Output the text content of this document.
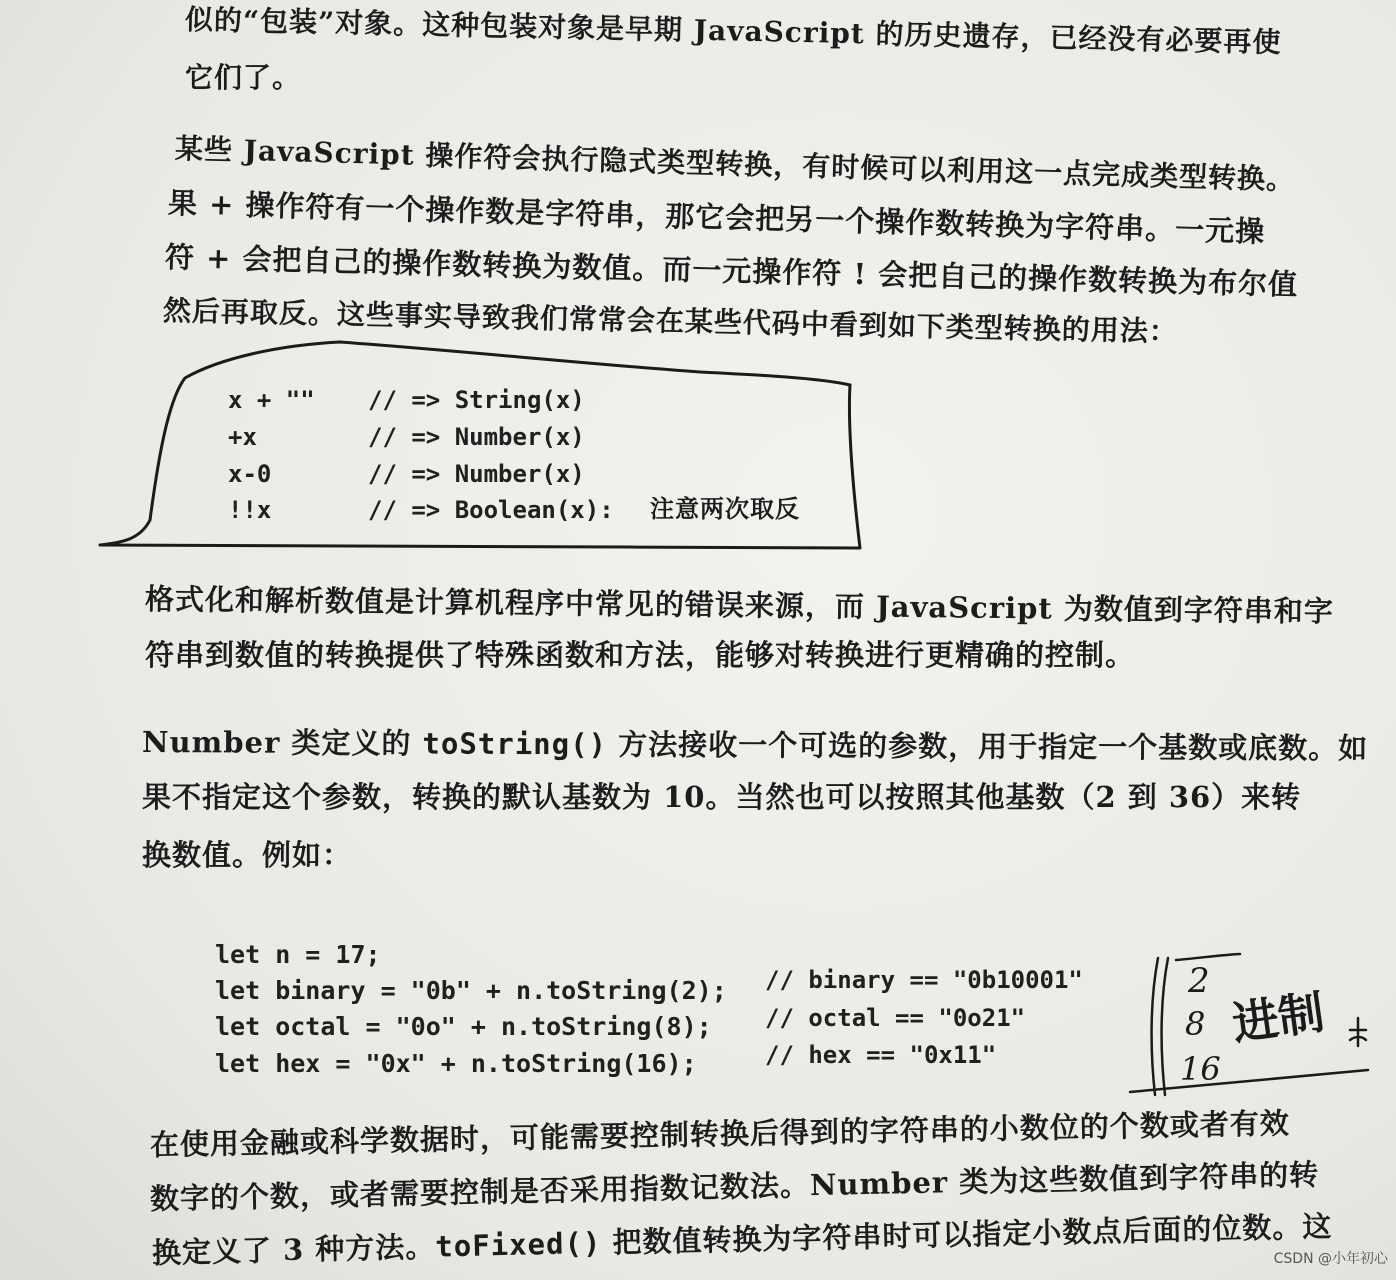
似的“包装”对象。这种包装对象是早期 JavaScript 的历史遗存，已经没有必要再使
它们了。
某些 JavaScript 操作符会执行隐式类型转换，有时候可以利用这一点完成类型转换。
果 + 操作符有一个操作数是字符串，那它会把另一个操作数转换为字符串。一元操
符 + 会把自己的操作数转换为数值。而一元操作符 ! 会把自己的操作数转换为布尔值
然后再取反。这些事实导致我们常常会在某些代码中看到如下类型转换的用法：
x + "" // => String(x)
+x	// => Number(x)
x-0	// => Number(x)
!!x	// => Boolean(x): 注意两次取反
格式化和解析数值是计算机程序中常见的错误来源，而 JavaScript 为数值到字符串和字
符串到数值的转换提供了特殊函数和方法，能够对转换进行更精确的控制。
Number 类定义的 toString() 方法接收一个可选的参数，用于指定一个基数或底数。如
果不指定这个参数，转换的默认基数为 10。当然也可以按照其他基数（2 到 36）来转
换数值。例如：
let n = 17;
let binary = "0b" + n.toString(2); // binary == "0b10001"
let octal = "0o" + n.toString(8); // octal == "0o21"
let hex = "0x" + n.toString(16);	// hex == "0x11"
在使用金融或科学数据时，可能需要控制转换后得到的字符串的小数位的个数或者有效
数字的个数，或者需要控制是否采用指数记数法。Number 类为这些数值到字符串的转
换定义了 3 种方法。toFixed() 把数值转换为字符串时可以指定小数点后面的位数。这
2
8
16
进制
CSDN @小年初心
